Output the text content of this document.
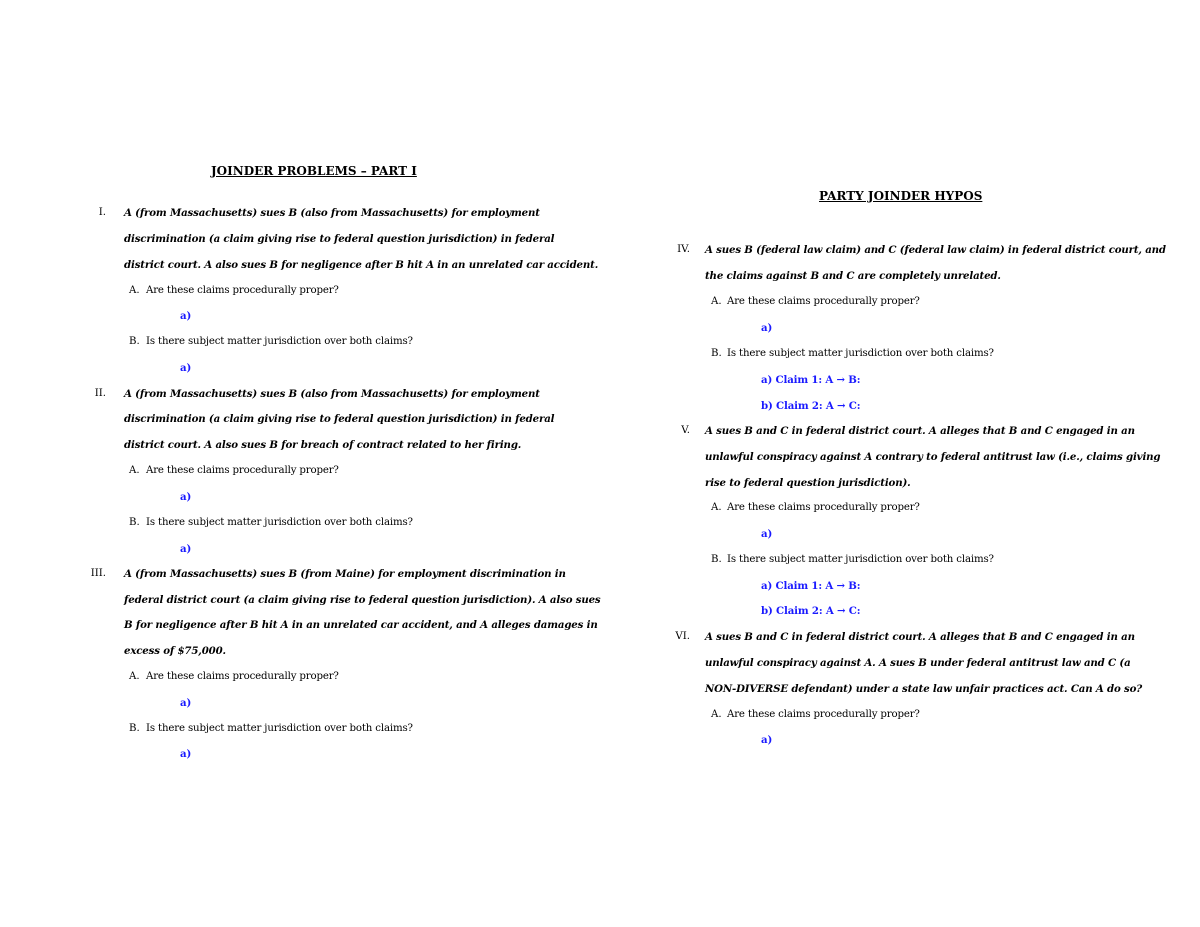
JOINDER PROBLEMS – PART I
I. A (from Massachusetts) sues B (also from Massachusetts) for employment
discrimination (a claim giving rise to federal question jurisdiction) in federal
district court. A also sues B for negligence after B hit A in an unrelated car accident.
A. Are these claims procedurally proper?
a)
B. Is there subject matter jurisdiction over both claims?
a)
II. A (from Massachusetts) sues B (also from Massachusetts) for employment
discrimination (a claim giving rise to federal question jurisdiction) in federal
district court. A also sues B for breach of contract related to her firing.
A. Are these claims procedurally proper?
a)
B. Is there subject matter jurisdiction over both claims?
a)
III. A (from Massachusetts) sues B (from Maine) for employment discrimination in
federal district court (a claim giving rise to federal question jurisdiction). A also sues
B for negligence after B hit A in an unrelated car accident, and A alleges damages in
excess of $75,000.
A. Are these claims procedurally proper?
a)
B. Is there subject matter jurisdiction over both claims?
a)
PARTY JOINDER HYPOS
IV. A sues B (federal law claim) and C (federal law claim) in federal district court, and
the claims against B and C are completely unrelated.
A. Are these claims procedurally proper?
a)
B. Is there subject matter jurisdiction over both claims?
a) Claim 1: A → B:
b) Claim 2: A → C:
V. A sues B and C in federal district court. A alleges that B and C engaged in an
unlawful conspiracy against A contrary to federal antitrust law (i.e., claims giving
rise to federal question jurisdiction).
A. Are these claims procedurally proper?
a)
B. Is there subject matter jurisdiction over both claims?
a) Claim 1: A → B:
b) Claim 2: A → C:
VI. A sues B and C in federal district court. A alleges that B and C engaged in an
unlawful conspiracy against A. A sues B under federal antitrust law and C (a
NON-DIVERSE defendant) under a state law unfair practices act. Can A do so?
A. Are these claims procedurally proper?
a)
